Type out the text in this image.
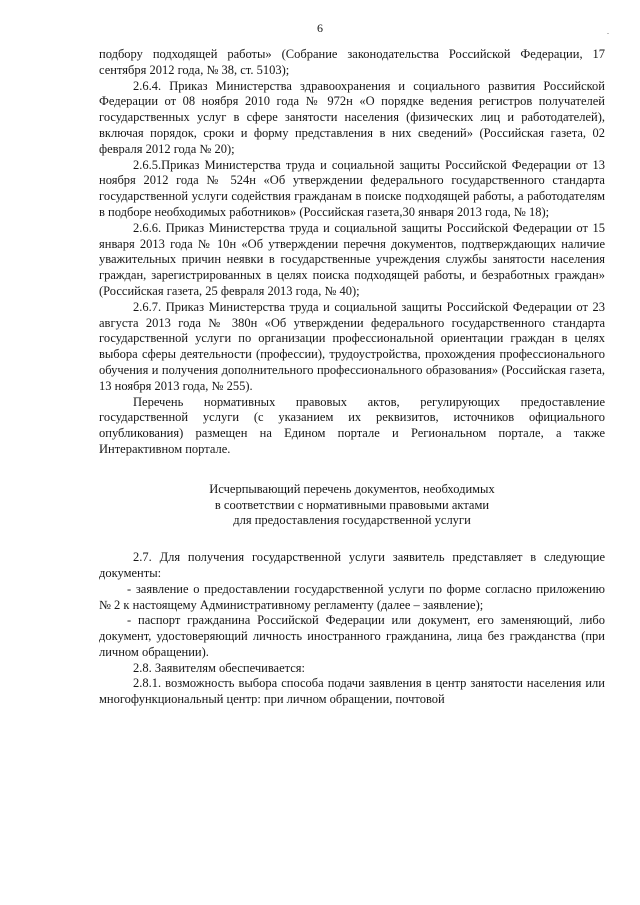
6	.

подбору подходящей работы» (Собрание законодательства Российской Федерации, 17 сентября 2012 года, № 38, ст. 5103);

2.6.4. Приказ Министерства здравоохранения и социального развития Российской Федерации от 08 ноября 2010 года № 972н «О порядке ведения регистров получателей государственных услуг в сфере занятости населения (физических лиц и работодателей), включая порядок, сроки и форму представления в них сведений» (Российская газета, 02 февраля 2012 года № 20);

2.6.5.Приказ Министерства труда и социальной защиты Российской Федерации от 13 ноября 2012 года № 524н «Об утверждении федерального государственного стандарта государственной услуги содействия гражданам в поиске подходящей работы, а работодателям в подборе необходимых работников» (Российская газета,30 января 2013 года, № 18);

2.6.6. Приказ Министерства труда и социальной защиты Российской Федерации от 15 января 2013 года № 10н «Об утверждении перечня документов, подтверждающих наличие уважительных причин неявки в государственные учреждения службы занятости населения граждан, зарегистрированных в целях поиска подходящей работы, и безработных граждан» (Российская газета, 25 февраля 2013 года, № 40);

2.6.7. Приказ Министерства труда и социальной защиты Российской Федерации от 23 августа 2013 года № 380н «Об утверждении федерального государственного стандарта государственной услуги по организации профессиональной ориентации граждан в целях выбора сферы деятельности (профессии), трудоустройства, прохождения профессионального обучения и получения дополнительного профессионального образования» (Российская газета, 13 ноября 2013 года, № 255).

Перечень нормативных правовых актов, регулирующих предоставление государственной услуги (с указанием их реквизитов, источников официального опубликования) размещен на Едином портале и Региональном портале, а также Интерактивном портале.

Исчерпывающий перечень документов, необходимых

в соответствии с нормативными правовыми актами

для предоставления государственной услуги

2.7. Для получения государственной услуги заявитель представляет в следующие документы:

- заявление о предоставлении государственной услуги по форме согласно приложению № 2 к настоящему Административному регламенту (далее – заявление);

- паспорт гражданина Российской Федерации или документ, его заменяющий, либо документ, удостоверяющий личность иностранного гражданина, лица без гражданства (при личном обращении).

2.8. Заявителям обеспечивается:

2.8.1. возможность выбора способа подачи заявления в центр занятости населения или многофункциональный центр: при личном обращении, почтовой
